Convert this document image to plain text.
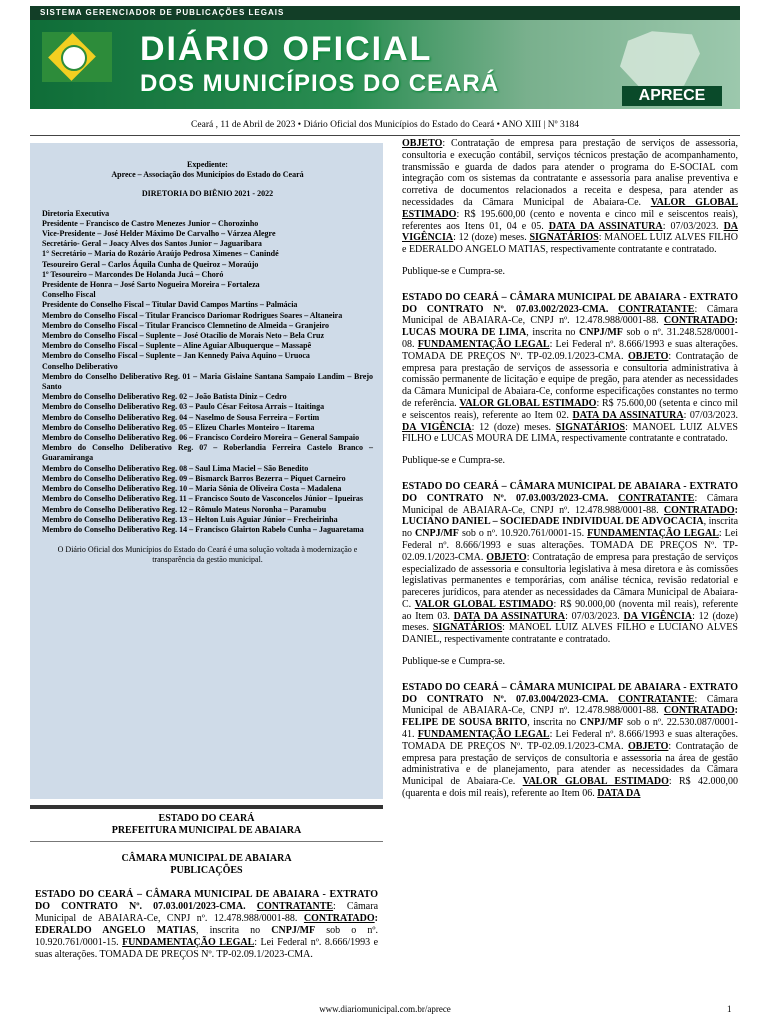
SISTEMA GERENCIADOR DE PUBLICAÇÕES LEGAIS
DIÁRIO OFICIAL
DOS MUNICÍPIOS DO CEARÁ	APRECE
Ceará , 11 de Abril de 2023 • Diário Oficial dos Municípios do Estado do Ceará • ANO XIII | Nº 3184
Expediente:
Aprece – Associação dos Municípios do Estado do Ceará
DIRETORIA DO BIÊNIO 2021 - 2022
Diretoria Executiva
Presidente – Francisco de Castro Menezes Junior – Chorozinho
Vice-Presidente – José Helder Máximo De Carvalho – Várzea Alegre
Secretário- Geral – Joacy Alves dos Santos Junior – Jaguaribara
1° Secretário – Maria do Rozário Araújo Pedrosa Ximenes – Canindé
Tesoureiro Geral – Carlos Áquila Cunha de Queiroz – Moraújo
1º Tesoureiro – Marcondes De Holanda Jucá – Choró
Presidente de Honra – José Sarto Nogueira Moreira – Fortaleza
Conselho Fiscal
Presidente do Conselho Fiscal – Titular David Campos Martins – Palmácia
Membro do Conselho Fiscal – Titular Francisco Dariomar Rodrigues Soares – Altaneira
Membro do Conselho Fiscal – Titular Francisco Clemnetino de Almeida – Granjeiro
Membro do Conselho Fiscal – Suplente – José Otacílio de Morais Neto – Bela Cruz
Membro do Conselho Fiscal – Suplente – Aline Aguiar Albuquerque – Massapê
Membro do Conselho Fiscal – Suplente – Jan Kennedy Paiva Aquino – Uruoca
Conselho Deliberativo
Membro do Conselho Deliberativo Reg. 01 – Maria Gislaine Santana Sampaio Landim – Brejo Santo
Membro do Conselho Deliberativo Reg. 02 – João Batista Diniz – Cedro
Membro do Conselho Deliberativo Reg. 03 – Paulo César Feitosa Arrais – Itaitinga
Membro do Conselho Deliberativo Reg. 04 – Naselmo de Sousa Ferreira – Fortim
Membro do Conselho Deliberativo Reg. 05 – Elizeu Charles Monteiro – Itarema
Membro do Conselho Deliberativo Reg. 06 – Francisco Cordeiro Moreira – General Sampaio
Membro do Conselho Deliberativo Reg. 07 – Roberlandia Ferreira Castelo Branco – Guaramiranga
Membro do Conselho Deliberativo Reg. 08 – Saul Lima Maciel – São Benedito
Membro do Conselho Deliberativo Reg. 09 – Bismarck Barros Bezerra – Piquet Carneiro
Membro do Conselho Deliberativo Reg. 10 – Maria Sônia de Oliveira Costa – Madalena
Membro do Conselho Deliberativo Reg. 11 – Francisco Souto de Vasconcelos Júnior – Ipueiras
Membro do Conselho Deliberativo Reg. 12 – Rômulo Mateus Noronha – Paramubu
Membro do Conselho Deliberativo Reg. 13 – Helton Luis Aguiar Júnior – Frecheirinha
Membro do Conselho Deliberativo Reg. 14 – Francisco Glairton Rabelo Cunha – Jaguaretama
O Diário Oficial dos Municípios do Estado do Ceará é uma solução voltada à modernização e transparência da gestão municipal.
ESTADO DO CEARÁ
PREFEITURA MUNICIPAL DE ABAIARA
CÂMARA MUNICIPAL DE ABAIARA
PUBLICAÇÕES
ESTADO DO CEARÁ – CÂMARA MUNICIPAL DE ABAIARA - EXTRATO DO CONTRATO Nº. 07.03.001/2023-CMA. CONTRATANTE: Câmara Municipal de ABAIARA-Ce, CNPJ nº. 12.478.988/0001-88. CONTRATADO: EDERALDO ANGELO MATIAS, inscrita no CNPJ/MF sob o nº. 10.920.761/0001-15. FUNDAMENTAÇÃO LEGAL: Lei Federal nº. 8.666/1993 e suas alterações. TOMADA DE PREÇOS Nº. TP-02.09.1/2023-CMA.
OBJETO: Contratação de empresa para prestação de serviços de assessoria, consultoria e execução contábil, serviços técnicos prestação de acompanhamento, transmissão e guarda de dados para atender o programa do E-SOCIAL com integração com os sistemas da contratante e assessoria para analise preventiva e corretiva de documentos relacionados a receita e despesa, para atender as necessidades da Câmara Municipal de Abaiara-Ce. VALOR GLOBAL ESTIMADO: R$ 195.600,00 (cento e noventa e cinco mil e seiscentos reais), referentes aos Itens 01, 04 e 05. DATA DA ASSINATURA: 07/03/2023. DA VIGÊNCIA: 12 (doze) meses. SIGNATÁRIOS: MANOEL LUIZ ALVES FILHO e EDERALDO ANGELO MATIAS, respectivamente contratante e contratado.
Publique-se e Cumpra-se.
ESTADO DO CEARÁ – CÂMARA MUNICIPAL DE ABAIARA - EXTRATO DO CONTRATO Nº. 07.03.002/2023-CMA. CONTRATANTE: Câmara Municipal de ABAIARA-Ce, CNPJ nº. 12.478.988/0001-88. CONTRATADO: LUCAS MOURA DE LIMA, inscrita no CNPJ/MF sob o nº. 31.248.528/0001-08. FUNDAMENTAÇÃO LEGAL: Lei Federal nº. 8.666/1993 e suas alterações. TOMADA DE PREÇOS Nº. TP-02.09.1/2023-CMA. OBJETO: Contratação de empresa para prestação de serviços de assessoria e consultoria administrativa à comissão permanente de licitação e equipe de pregão, para atender as necessidades da Câmara Municipal de Abaiara-Ce, conforme especificações constantes no termo de referência. VALOR GLOBAL ESTIMADO: R$ 75.600,00 (setenta e cinco mil e seiscentos reais), referente ao Item 02. DATA DA ASSINATURA: 07/03/2023. DA VIGÊNCIA: 12 (doze) meses. SIGNATÁRIOS: MANOEL LUIZ ALVES FILHO e LUCAS MOURA DE LIMA, respectivamente contratante e contratado.
Publique-se e Cumpra-se.
ESTADO DO CEARÁ – CÂMARA MUNICIPAL DE ABAIARA - EXTRATO DO CONTRATO Nº. 07.03.003/2023-CMA. CONTRATANTE: Câmara Municipal de ABAIARA-Ce, CNPJ nº. 12.478.988/0001-88. CONTRATADO: LUCIANO DANIEL – SOCIEDADE INDIVIDUAL DE ADVOCACIA, inscrita no CNPJ/MF sob o nº. 10.920.761/0001-15. FUNDAMENTAÇÃO LEGAL: Lei Federal nº. 8.666/1993 e suas alterações. TOMADA DE PREÇOS Nº. TP-02.09.1/2023-CMA. OBJETO: Contratação de empresa para prestação de serviços especializado de assessoria e consultoria legislativa à mesa diretora e às comissões legislativas permanentes e temporárias, com análise técnica, revisão redatorial e pareceres jurídicos, para atender as necessidades da Câmara Municipal de Abaiara-C. VALOR GLOBAL ESTIMADO: R$ 90.000,00 (noventa mil reais), referente ao Item 03. DATA DA ASSINATURA: 07/03/2023. DA VIGÊNCIA: 12 (doze) meses. SIGNATÁRIOS: MANOEL LUIZ ALVES FILHO e LUCIANO ALVES DANIEL, respectivamente contratante e contratado.
Publique-se e Cumpra-se.
ESTADO DO CEARÁ – CÂMARA MUNICIPAL DE ABAIARA - EXTRATO DO CONTRATO Nº. 07.03.004/2023-CMA. CONTRATANTE: Câmara Municipal de ABAIARA-Ce, CNPJ nº. 12.478.988/0001-88. CONTRATADO: FELIPE DE SOUSA BRITO, inscrita no CNPJ/MF sob o nº. 22.530.087/0001-41. FUNDAMENTAÇÃO LEGAL: Lei Federal nº. 8.666/1993 e suas alterações. TOMADA DE PREÇOS Nº. TP-02.09.1/2023-CMA. OBJETO: Contratação de empresa para prestação de serviços de consultoria e assessoria na área de gestão administrativa e de planejamento, para atender as necessidades da Câmara Municipal de Abaiara-Ce. VALOR GLOBAL ESTIMADO: R$ 42.000,00 (quarenta e dois mil reais), referente ao Item 06. DATA DA
www.diariomunicipal.com.br/aprece	1
